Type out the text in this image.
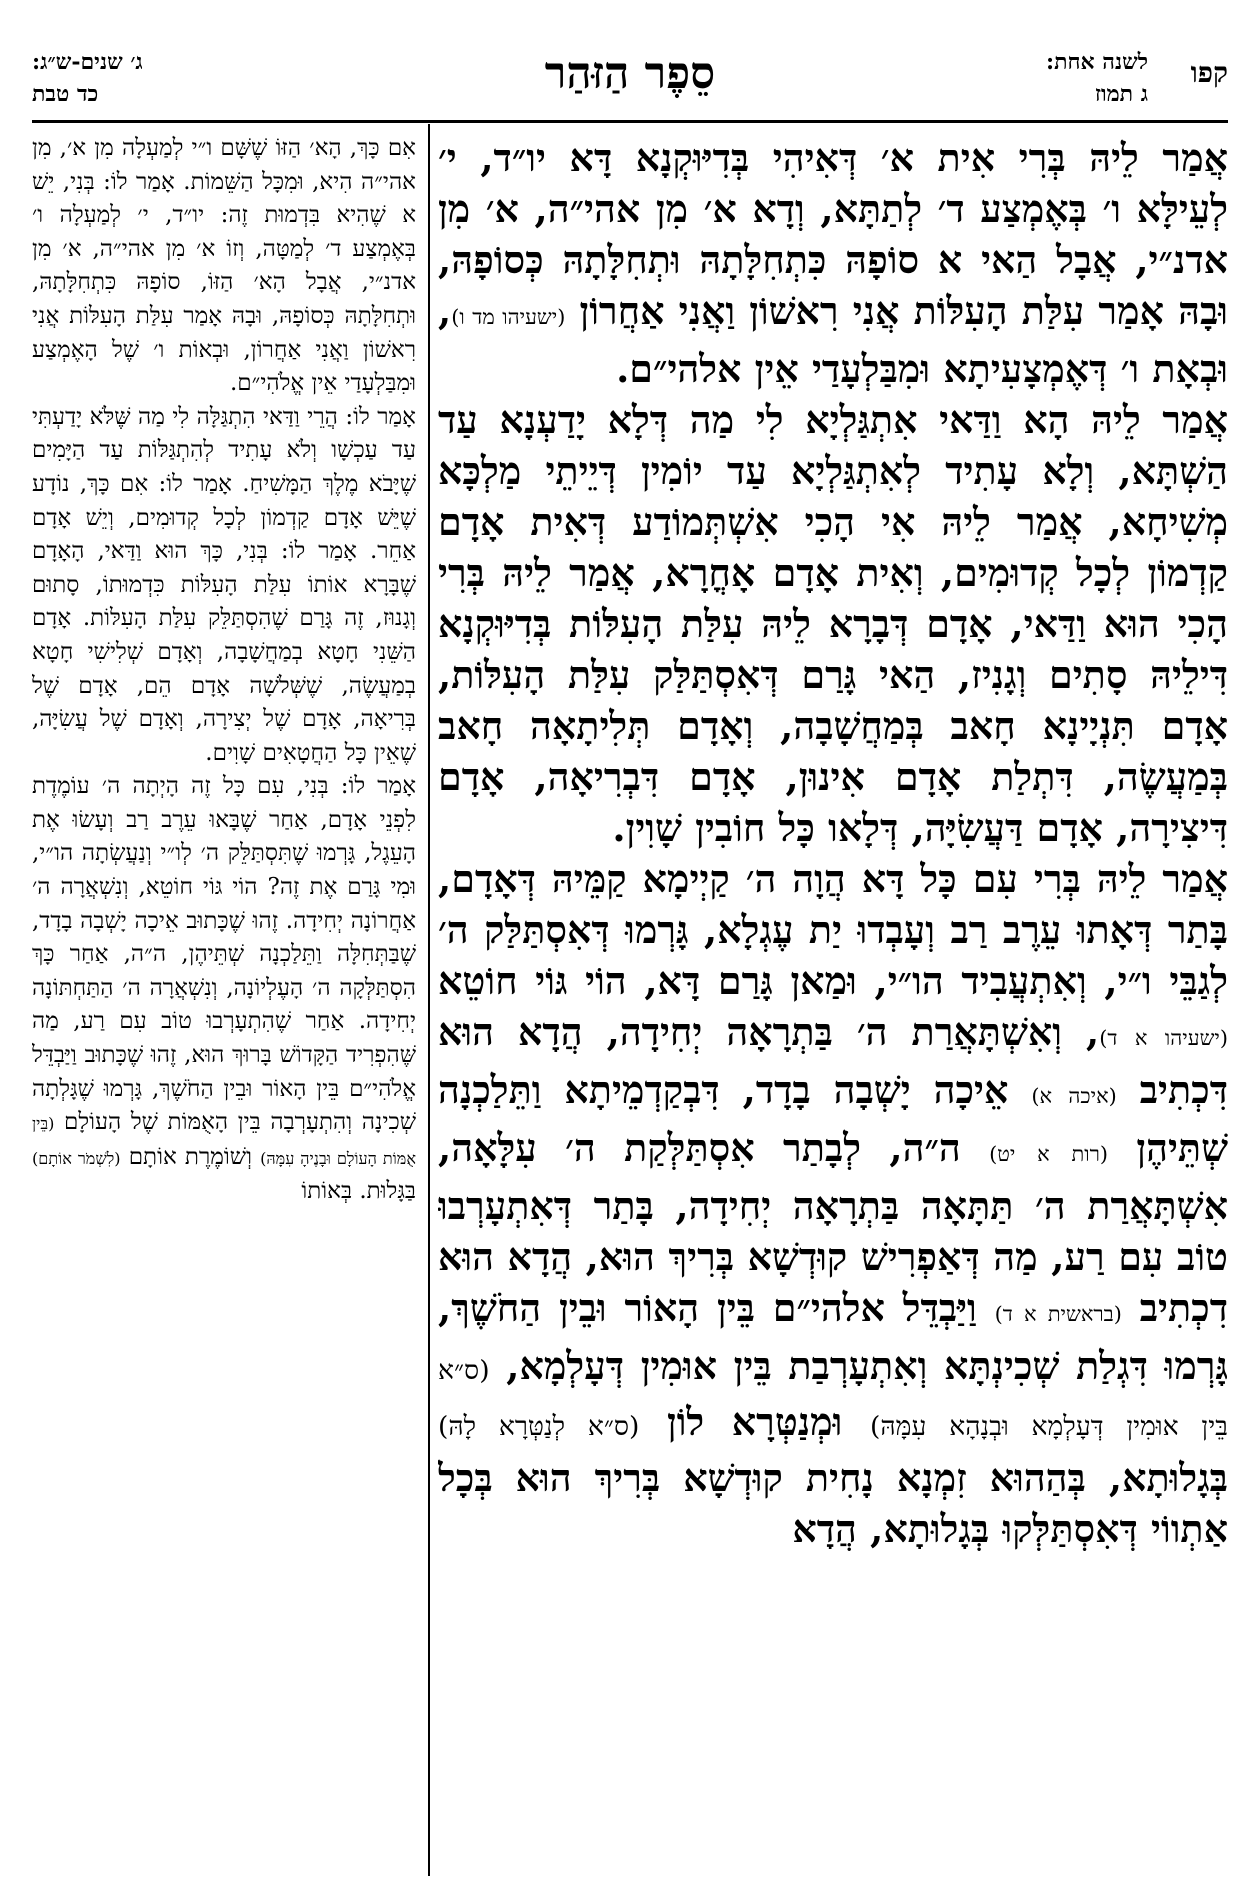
קפו
לשנה אחת:
ג תמוז
סֵפֶר הַזּהַר
ג׳ שנים-ש״ג:
כד טבת

אֲמַר לֵיהּ בְּרִי אִית א׳ דְּאִיהִי בְּדִיּוּקְנָא דָּא יו״ד, י׳ לְעֵילָּא ו׳ בְּאֶמְצַע ד׳ לְתַתָּא, וְדָא א׳ מִן אהי״ה, א׳ מִן אדנ״י, אֲבָל הַאי א סוֹפָהּ כִּתְחִלָּתָהּ וּתְחִלָּתָהּ כְּסוֹפָהּ, וּבָהּ אָמַר עִלַּת הָעִלּוֹת אֲנִי רִאשׁוֹן וַאֲנִי אַחֲרוֹן (ישעיהו מד ו), וּבְאָת ו׳ דְּאֶמְצָעִיתָא וּמִבַּלְעָדַי אֵין אלהי״ם.

אֲמַר לֵיהּ הָא וַדַּאי אִתְגַּלְיָא לִי מַה דְּלָא יָדַעְנָא עַד הַשְׁתָּא, וְלָא עָתִיד לְאִתְגַּלְיָא עַד יוֹמִין דְּיֵיתֵי מַלְכָּא מְשִׁיחָא, אֲמַר לֵיהּ אִי הָכִי אִשְׁתְּמוֹדַע דְּאִית אָדָם קַדְמוֹן לְכָל קְדוּמִים, וְאִית אָדָם אָחֳרָא, אֲמַר לֵיהּ בְּרִי הָכִי הוּא וַדַּאי, אָדָם דְּבָרָא לֵיהּ עִלַּת הָעִלּוֹת בְּדִיּוּקְנָא דִּילֵיהּ סָתִים וְגָנִיז, הַאי גָּרַם דְּאִסְתַּלַּק עִלַּת הָעִלּוֹת, אָדָם תִּנְיָינָא חָאב בְּמַחֲשָׁבָה, וְאָדָם תְּלִיתָאָה חָאב בְּמַעֲשֶׂה, דִּתְלַת אָדָם אִינוּן, אָדָם דִּבְרִיאָה, אָדָם דִּיצִירָה, אָדָם דַּעֲשִׂיָּה, דְּלָאו כָּל חוֹבִין שָׁוִין.

אֲמַר לֵיהּ בְּרִי עִם כָּל דָּא הֲוָה ה׳ קַיְימָא קַמֵּיהּ דְּאָדָם, בָּתַר דְּאָתוּ עֵרֶב רַב וְעָבְדוּ יַת עֶגְלָא, גָּרְמוּ דְּאִסְתַּלַּק ה׳ לְגַבֵּי ו״י, וְאִתְעֲבִיד הו״י, וּמַאן גָּרַם דָּא, הוֹי גּוֹי חוֹטֵא (ישעיהו א ד), וְאִשְׁתָּאֲרַת ה׳ בַּתְרָאָה יְחִידָה, הֲדָא הוּא דִּכְתִיב (איכה א) אֵיכָה יָשְׁבָה בָדָד, דִּבְקַדְמֵיתָא וַתֵּלַכְנָה שְׁתֵּיהֶן (רות א יט) ה״ה, לְבָתַר אִסְתַּלְּקַת ה׳ עִלָּאָה, אִשְׁתָּאֲרַת ה׳ תַּתָּאָה בַּתְרָאָה יְחִידָה, בָּתַר דְּאִתְעָרְבוּ טוֹב עִם רַע, מַה דְּאַפְרִישׁ קוּדְשָׁא בְּרִיךְ הוּא, הֲדָא הוּא דִכְתִיב (בראשית א ד) וַיַּבְדֵּל אלהי״ם בֵּין הָאוֹר וּבֵין הַחֹשֶׁךְ, גָּרְמוּ דִּגְלַת שְׁכִינְתָּא וְאִתְעָרְבַת בֵּין אוּמִין דְּעָלְמָא, (ס״א בֵּין אוּמִין דְּעָלְמָא וּבְנָהָא עִמָּהּ) וּמְנַטְּרָא לוֹן (ס״א לְנַטְּרָא לָהּ) בְּגָלוּתָא, בְּהַהוּא זִמְנָא נָחִית קוּדְשָׁא בְּרִיךְ הוּא בְּכָל אַתְווֹי דְּאִסְתַּלְּקוּ בְּגָלוּתָא, הֲדָא

אִם כָּךְ, הָא׳ הַזּוֹ שֶׁשָּׁם ו״י לְמַעְלָה מִן א׳, מִן אהי״ה הִיא, וּמִכָּל הַשֵּׁמוֹת. אָמַר לוֹ: בְּנִי, יֵשׁ א שֶׁהִיא בִּדְמוּת זֶה: יו״ד, י׳ לְמַעְלָה ו׳ בְּאֶמְצַע ד׳ לְמַטָּה, וְזוֹ א׳ מִן אהי״ה, א׳ מִן אדנ״י, אֲבָל הָא׳ הַזּוֹ, סוֹפָהּ כִּתְחִלָּתָהּ, וּתְחִלָּתָהּ כְּסוֹפָהּ, וּבָהּ אָמַר עִלַּת הָעִלּוֹת אֲנִי רִאשׁוֹן וַאֲנִי אַחֲרוֹן, וּבְאוֹת ו׳ שֶׁל הָאֶמְצַע וּמִבַּלְעָדַי אֵין אֱלֹהִי״ם.

אָמַר לוֹ: הֲרֵי וַדַּאי הִתְגַּלָּה לִי מַה שֶּׁלֹּא יָדַעְתִּי עַד עַכְשָׁו וְלֹא עָתִיד לְהִתְגַּלּוֹת עַד הַיָּמִים שֶׁיָּבֹא מֶלֶךְ הַמָּשִׁיחַ. אָמַר לוֹ: אִם כָּךְ, נוֹדָע שֶׁיֵּשׁ אָדָם קַדְמוֹן לְכָל קְדוּמִים, וְיֵשׁ אָדָם אַחֵר. אָמַר לוֹ: בְּנִי, כָּךְ הוּא וַדַּאי, הָאָדָם שֶׁבָּרָא אוֹתוֹ עִלַּת הָעִלּוֹת כִּדְמוּתוֹ, סָתוּם וְגָנוּז, זֶה גָּרַם שֶׁהִסְתַּלֵּק עִלַּת הָעִלּוֹת. אָדָם הַשֵּׁנִי חָטָא בְמַחֲשָׁבָה, וְאָדָם שְׁלִישִׁי חָטָא בְמַעֲשֶׂה, שֶׁשְּׁלֹשָׁה אָדָם הֵם, אָדָם שֶׁל בְּרִיאָה, אָדָם שֶׁל יְצִירָה, וְאָדָם שֶׁל עֲשִׂיָּה, שֶׁאֵין כָּל הַחֲטָאִים שָׁוִים.

אָמַר לוֹ: בְּנִי, עִם כָּל זֶה הָיְתָה ה׳ עוֹמֶדֶת לִפְנֵי אָדָם, אַחַר שֶׁבָּאוּ עֵרֶב רַב וְעָשׂוּ אֶת הָעֵגֶל, גָּרְמוּ שֶׁתִּסְתַּלֵּק ה׳ לְו״י וְנַעֲשְׂתָה הו״י, וּמִי גָּרַם אֶת זֶה? הוֹי גּוֹי חוֹטֵא, וְנִשְׁאֲרָה ה׳ אַחֲרוֹנָה יְחִידָה. זֶהוּ שֶׁכָּתוּב אֵיכָה יָשְׁבָה בָדָד, שֶׁבַּתְּחִלָּה וַתֵּלַכְנָה שְׁתֵּיהֶן, ה״ה, אַחַר כָּךְ הִסְתַּלְּקָה ה׳ הָעֶלְיוֹנָה, וְנִשְׁאֲרָה ה׳ הַתַּחְתּוֹנָה יְחִידָה. אַחַר שֶׁהִתְעָרְבוּ טוֹב עִם רַע, מַה שֶּׁהִפְרִיד הַקָּדוֹשׁ בָּרוּךְ הוּא, זֶהוּ שֶׁכָּתוּב וַיַּבְדֵּל אֱלֹהִי״ם בֵּין הָאוֹר וּבֵין הַחֹשֶׁךְ, גָּרְמוּ שֶׁגָּלְתָה שְׁכִינָה וְהִתְעָרְבָה בֵּין הָאֻמּוֹת שֶׁל הָעוֹלָם (בֵּין אֻמּוֹת הָעוֹלָם וּבָנֶיהָ עִמָּהּ) וְשׁוֹמֶרֶת אוֹתָם (לִשְׁמֹר אוֹתָם) בַּגָּלוּת. בְּאוֹתוֹ
